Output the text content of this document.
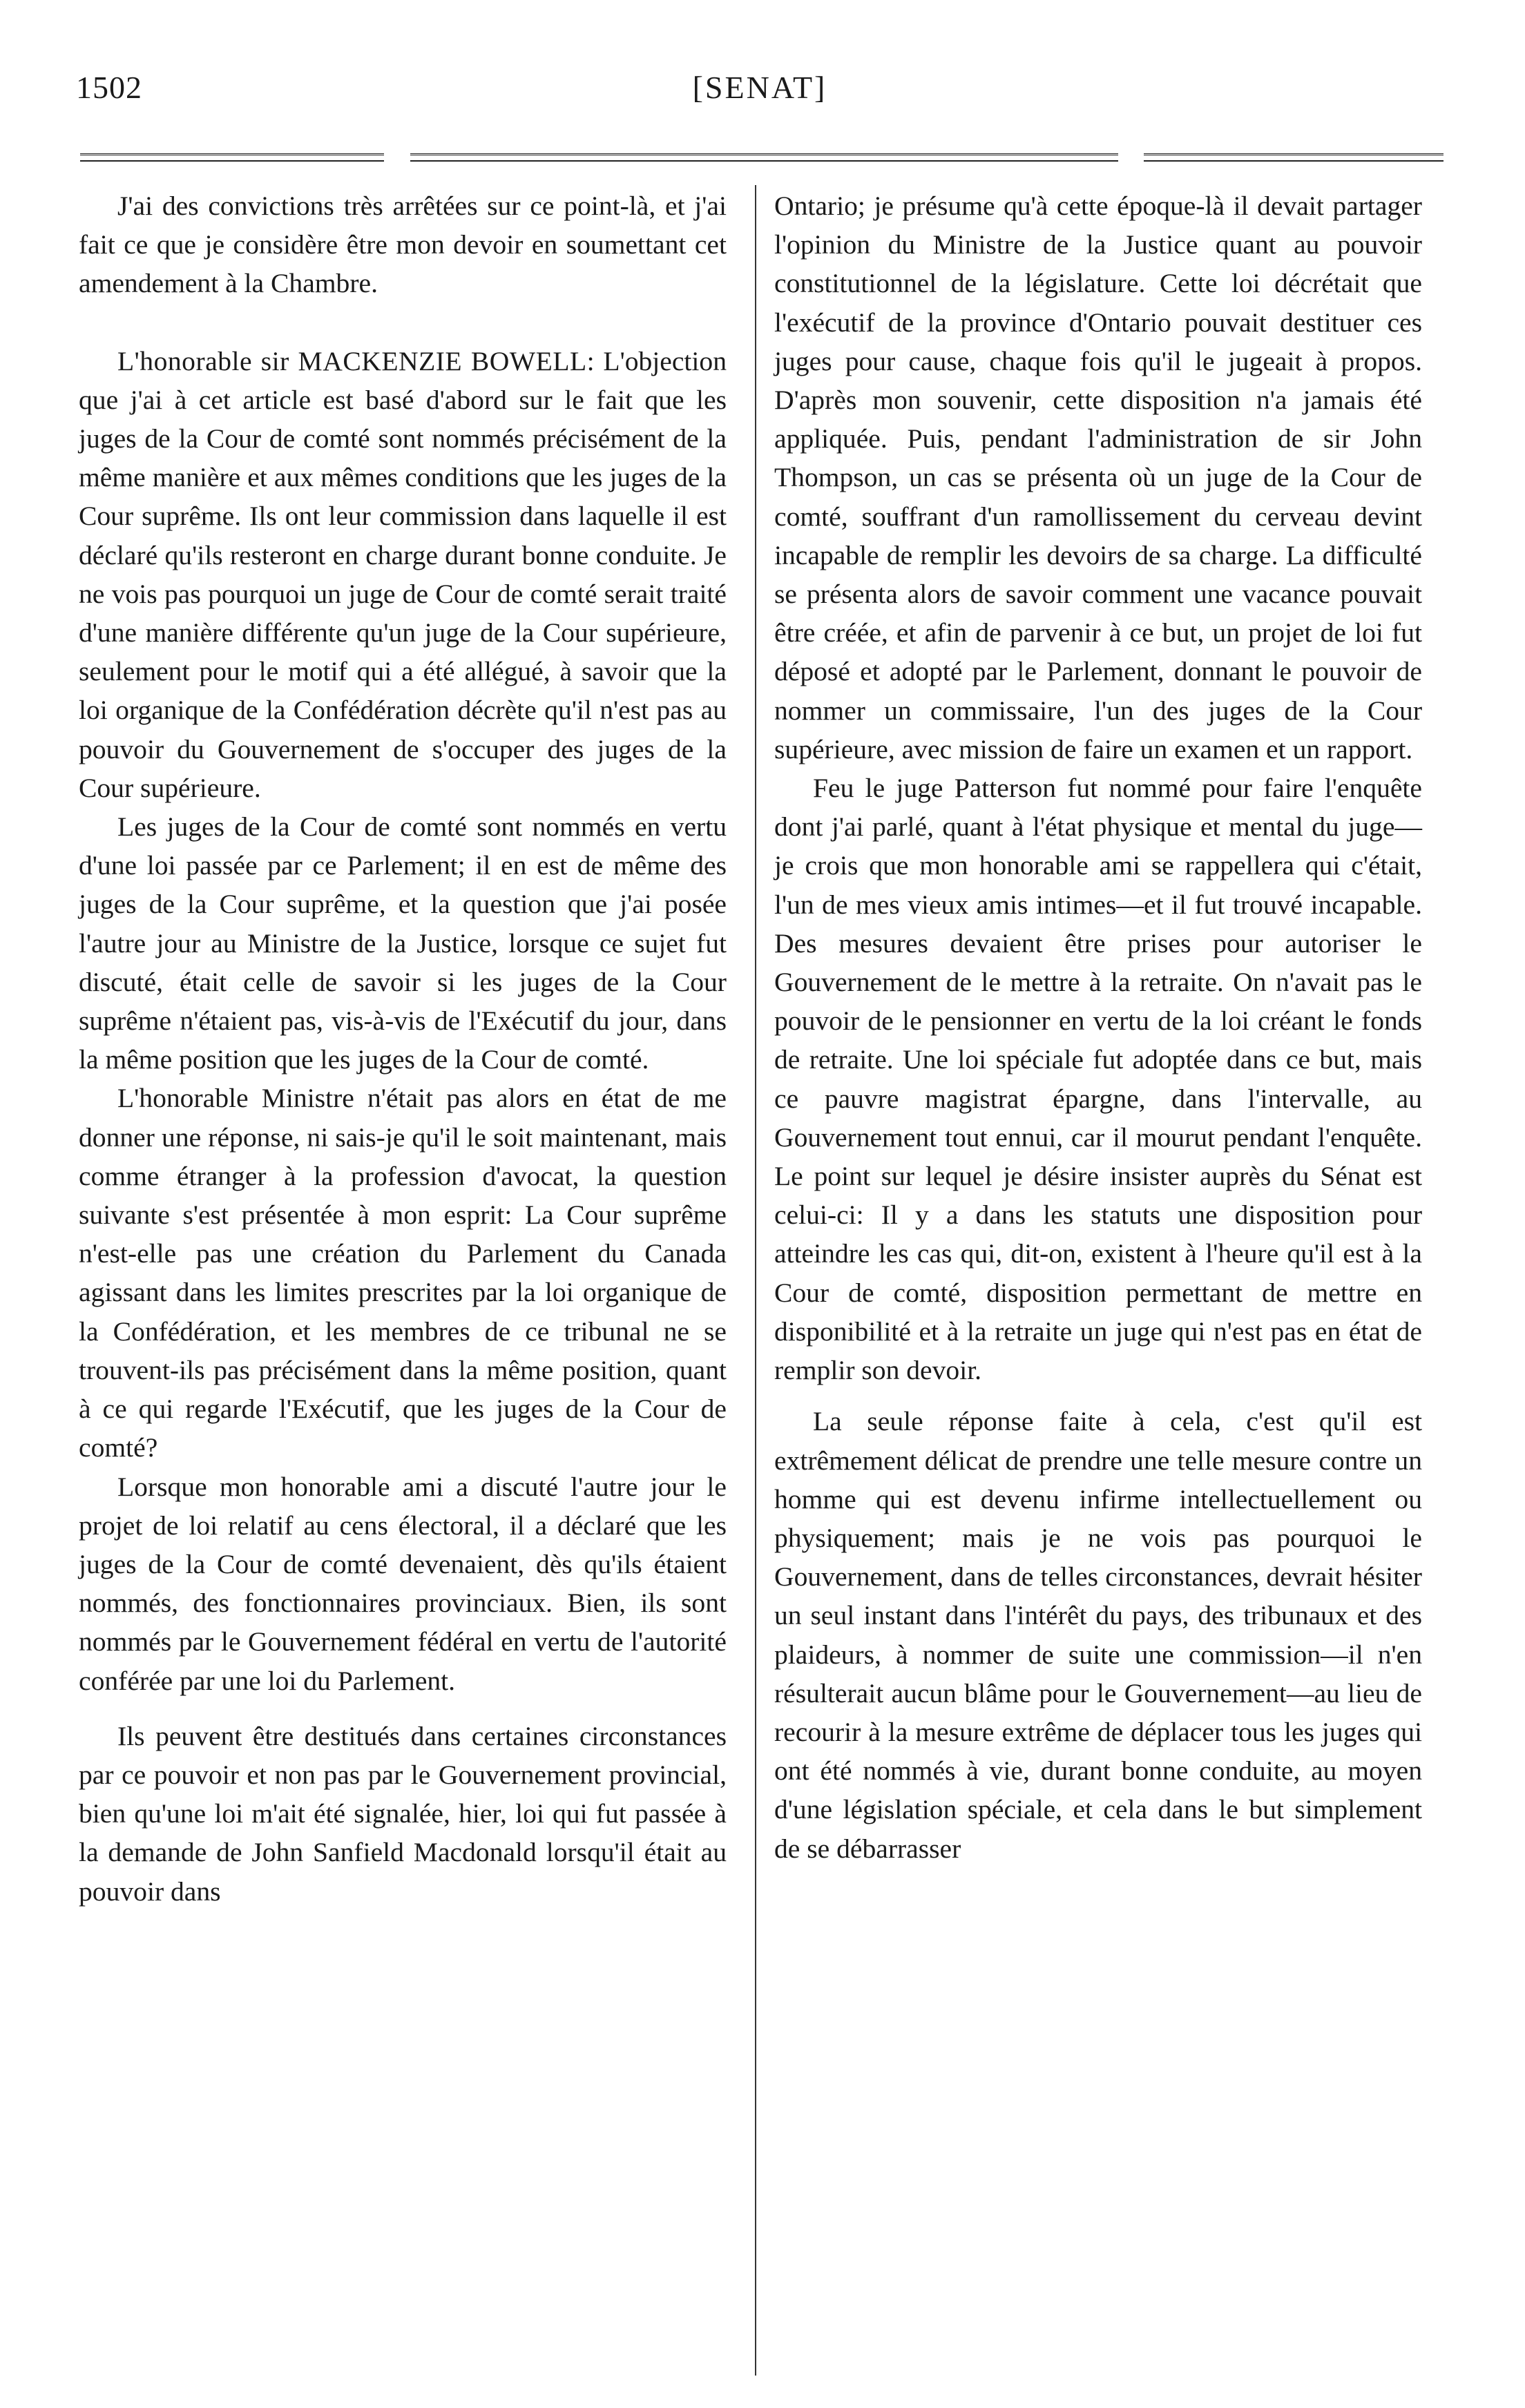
1502	[SENAT]

J'ai des convictions très arrêtées sur ce point-là, et j'ai fait ce que je considère être mon devoir en soumettant cet amendement à la Chambre.

L'honorable sir MACKENZIE BOWELL: L'objection que j'ai à cet article est basé d'abord sur le fait que les juges de la Cour de comté sont nommés précisément de la même manière et aux mêmes conditions que les juges de la Cour suprême. Ils ont leur commission dans laquelle il est déclaré qu'ils resteront en charge durant bonne conduite. Je ne vois pas pourquoi un juge de Cour de comté serait traité d'une manière différente qu'un juge de la Cour supérieure, seulement pour le motif qui a été allégué, à savoir que la loi organique de la Confédération décrète qu'il n'est pas au pouvoir du Gouvernement de s'occuper des juges de la Cour supérieure.

Les juges de la Cour de comté sont nommés en vertu d'une loi passée par ce Parlement; il en est de même des juges de la Cour suprême, et la question que j'ai posée l'autre jour au Ministre de la Justice, lorsque ce sujet fut discuté, était celle de savoir si les juges de la Cour suprême n'étaient pas, vis-à-vis de l'Exécutif du jour, dans la même position que les juges de la Cour de comté.

L'honorable Ministre n'était pas alors en état de me donner une réponse, ni sais-je qu'il le soit maintenant, mais comme étranger à la profession d'avocat, la question suivante s'est présentée à mon esprit: La Cour suprême n'est-elle pas une création du Parlement du Canada agissant dans les limites prescrites par la loi organique de la Confédération, et les membres de ce tribunal ne se trouvent-ils pas précisément dans la même position, quant à ce qui regarde l'Exécutif, que les juges de la Cour de comté?

Lorsque mon honorable ami a discuté l'autre jour le projet de loi relatif au cens électoral, il a déclaré que les juges de la Cour de comté devenaient, dès qu'ils étaient nommés, des fonctionnaires provinciaux. Bien, ils sont nommés par le Gouvernement fédéral en vertu de l'autorité conférée par une loi du Parlement.

Ils peuvent être destitués dans certaines circonstances par ce pouvoir et non pas par le Gouvernement provincial, bien qu'une loi m'ait été signalée, hier, loi qui fut passée à la demande de John Sanfield Macdonald lorsqu'il était au pouvoir dans

Ontario; je présume qu'à cette époque-là il devait partager l'opinion du Ministre de la Justice quant au pouvoir constitutionnel de la législature. Cette loi décrétait que l'exécutif de la province d'Ontario pouvait destituer ces juges pour cause, chaque fois qu'il le jugeait à propos. D'après mon souvenir, cette disposition n'a jamais été appliquée. Puis, pendant l'administration de sir John Thompson, un cas se présenta où un juge de la Cour de comté, souffrant d'un ramollissement du cerveau devint incapable de remplir les devoirs de sa charge. La difficulté se présenta alors de savoir comment une vacance pouvait être créée, et afin de parvenir à ce but, un projet de loi fut déposé et adopté par le Parlement, donnant le pouvoir de nommer un commissaire, l'un des juges de la Cour supérieure, avec mission de faire un examen et un rapport.

Feu le juge Patterson fut nommé pour faire l'enquête dont j'ai parlé, quant à l'état physique et mental du juge—je crois que mon honorable ami se rappellera qui c'était, l'un de mes vieux amis intimes—et il fut trouvé incapable. Des mesures devaient être prises pour autoriser le Gouvernement de le mettre à la retraite. On n'avait pas le pouvoir de le pensionner en vertu de la loi créant le fonds de retraite. Une loi spéciale fut adoptée dans ce but, mais ce pauvre magistrat épargne, dans l'intervalle, au Gouvernement tout ennui, car il mourut pendant l'enquête. Le point sur lequel je désire insister auprès du Sénat est celui-ci: Il y a dans les statuts une disposition pour atteindre les cas qui, dit-on, existent à l'heure qu'il est à la Cour de comté, disposition permettant de mettre en disponibilité et à la retraite un juge qui n'est pas en état de remplir son devoir.

La seule réponse faite à cela, c'est qu'il est extrêmement délicat de prendre une telle mesure contre un homme qui est devenu infirme intellectuellement ou physiquement; mais je ne vois pas pourquoi le Gouvernement, dans de telles circonstances, devrait hésiter un seul instant dans l'intérêt du pays, des tribunaux et des plaideurs, à nommer de suite une commission—il n'en résulterait aucun blâme pour le Gouvernement—au lieu de recourir à la mesure extrême de déplacer tous les juges qui ont été nommés à vie, durant bonne conduite, au moyen d'une législation spéciale, et cela dans le but simplement de se débarrasser
